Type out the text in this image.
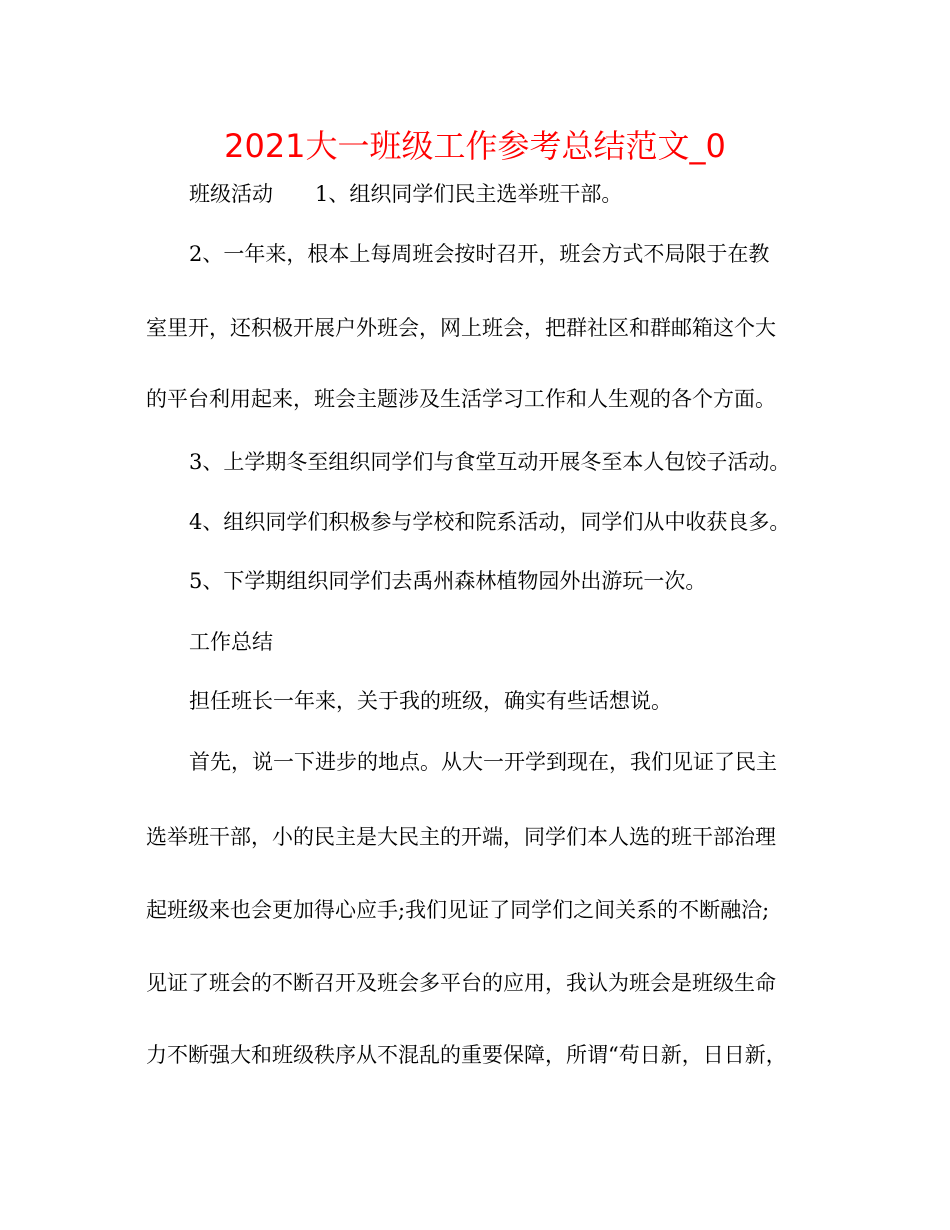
2021大一班级工作参考总结范文_0
班级活动 1、组织同学们民主选举班干部。
2、一年来，根本上每周班会按时召开，班会方式不局限于在教
室里开，还积极开展户外班会，网上班会，把群社区和群邮箱这个大
的平台利用起来，班会主题涉及生活学习工作和人生观的各个方面。
3、上学期冬至组织同学们与食堂互动开展冬至本人包饺子活动。
4、组织同学们积极参与学校和院系活动，同学们从中收获良多。
5、下学期组织同学们去禹州森林植物园外出游玩一次。
工作总结
担任班长一年来，关于我的班级，确实有些话想说。
首先，说一下进步的地点。从大一开学到现在，我们见证了民主
选举班干部，小的民主是大民主的开端，同学们本人选的班干部治理
起班级来也会更加得心应手;我们见证了同学们之间关系的不断融洽;
见证了班会的不断召开及班会多平台的应用，我认为班会是班级生命
力不断强大和班级秩序从不混乱的重要保障，所谓“苟日新，日日新，
